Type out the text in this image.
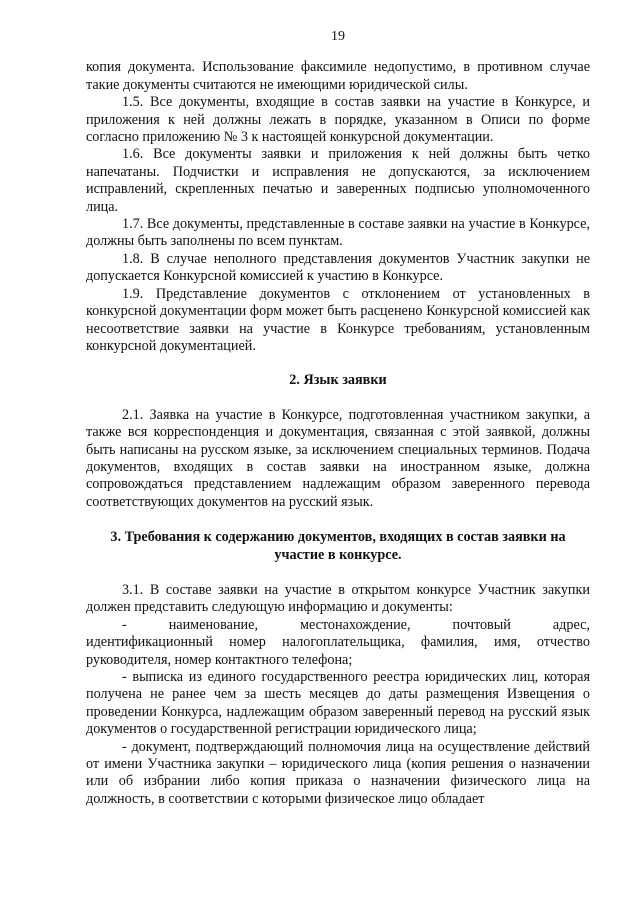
19

копия документа. Использование факсимиле недопустимо, в противном случае такие документы считаются не имеющими юридической силы.

1.5. Все документы, входящие в состав заявки на участие в Конкурсе, и приложения к ней должны лежать в порядке, указанном в Описи по форме согласно приложению № 3 к настоящей конкурсной документации.

1.6. Все документы заявки и приложения к ней должны быть четко напечатаны. Подчистки и исправления не допускаются, за исключением исправлений, скрепленных печатью и заверенных подписью уполномоченного лица.

1.7. Все документы, представленные в составе заявки на участие в Конкурсе, должны быть заполнены по всем пунктам.

1.8. В случае неполного представления документов Участник закупки не допускается Конкурсной комиссией к участию в Конкурсе.

1.9. Представление документов с отклонением от установленных в конкурсной документации форм может быть расценено Конкурсной комиссией как несоответствие заявки на участие в Конкурсе требованиям, установленным конкурсной документацией.

2. Язык заявки

2.1. Заявка на участие в Конкурсе, подготовленная участником закупки, а также вся корреспонденция и документация, связанная с этой заявкой, должны быть написаны на русском языке, за исключением специальных терминов. Подача документов, входящих в состав заявки на иностранном языке, должна сопровождаться представлением надлежащим образом заверенного перевода соответствующих документов на русский язык.

3. Требования к содержанию документов, входящих в состав заявки на
участие в конкурсе.

3.1. В составе заявки на участие в открытом конкурсе Участник закупки должен представить следующую информацию и документы:

-	наименование,	местонахождение,	почтовый	адрес,

идентификационный номер налогоплательщика, фамилия, имя, отчество руководителя, номер контактного телефона;

- выписка из единого государственного реестра юридических лиц, которая получена не ранее чем за шесть месяцев до даты размещения Извещения о проведении Конкурса, надлежащим образом заверенный перевод на русский язык документов о государственной регистрации юридического лица;

- документ, подтверждающий полномочия лица на осуществление действий от имени Участника закупки – юридического лица (копия решения о назначении или об избрании либо копия приказа о назначении физического лица на должность, в соответствии с которыми физическое лицо обладает
